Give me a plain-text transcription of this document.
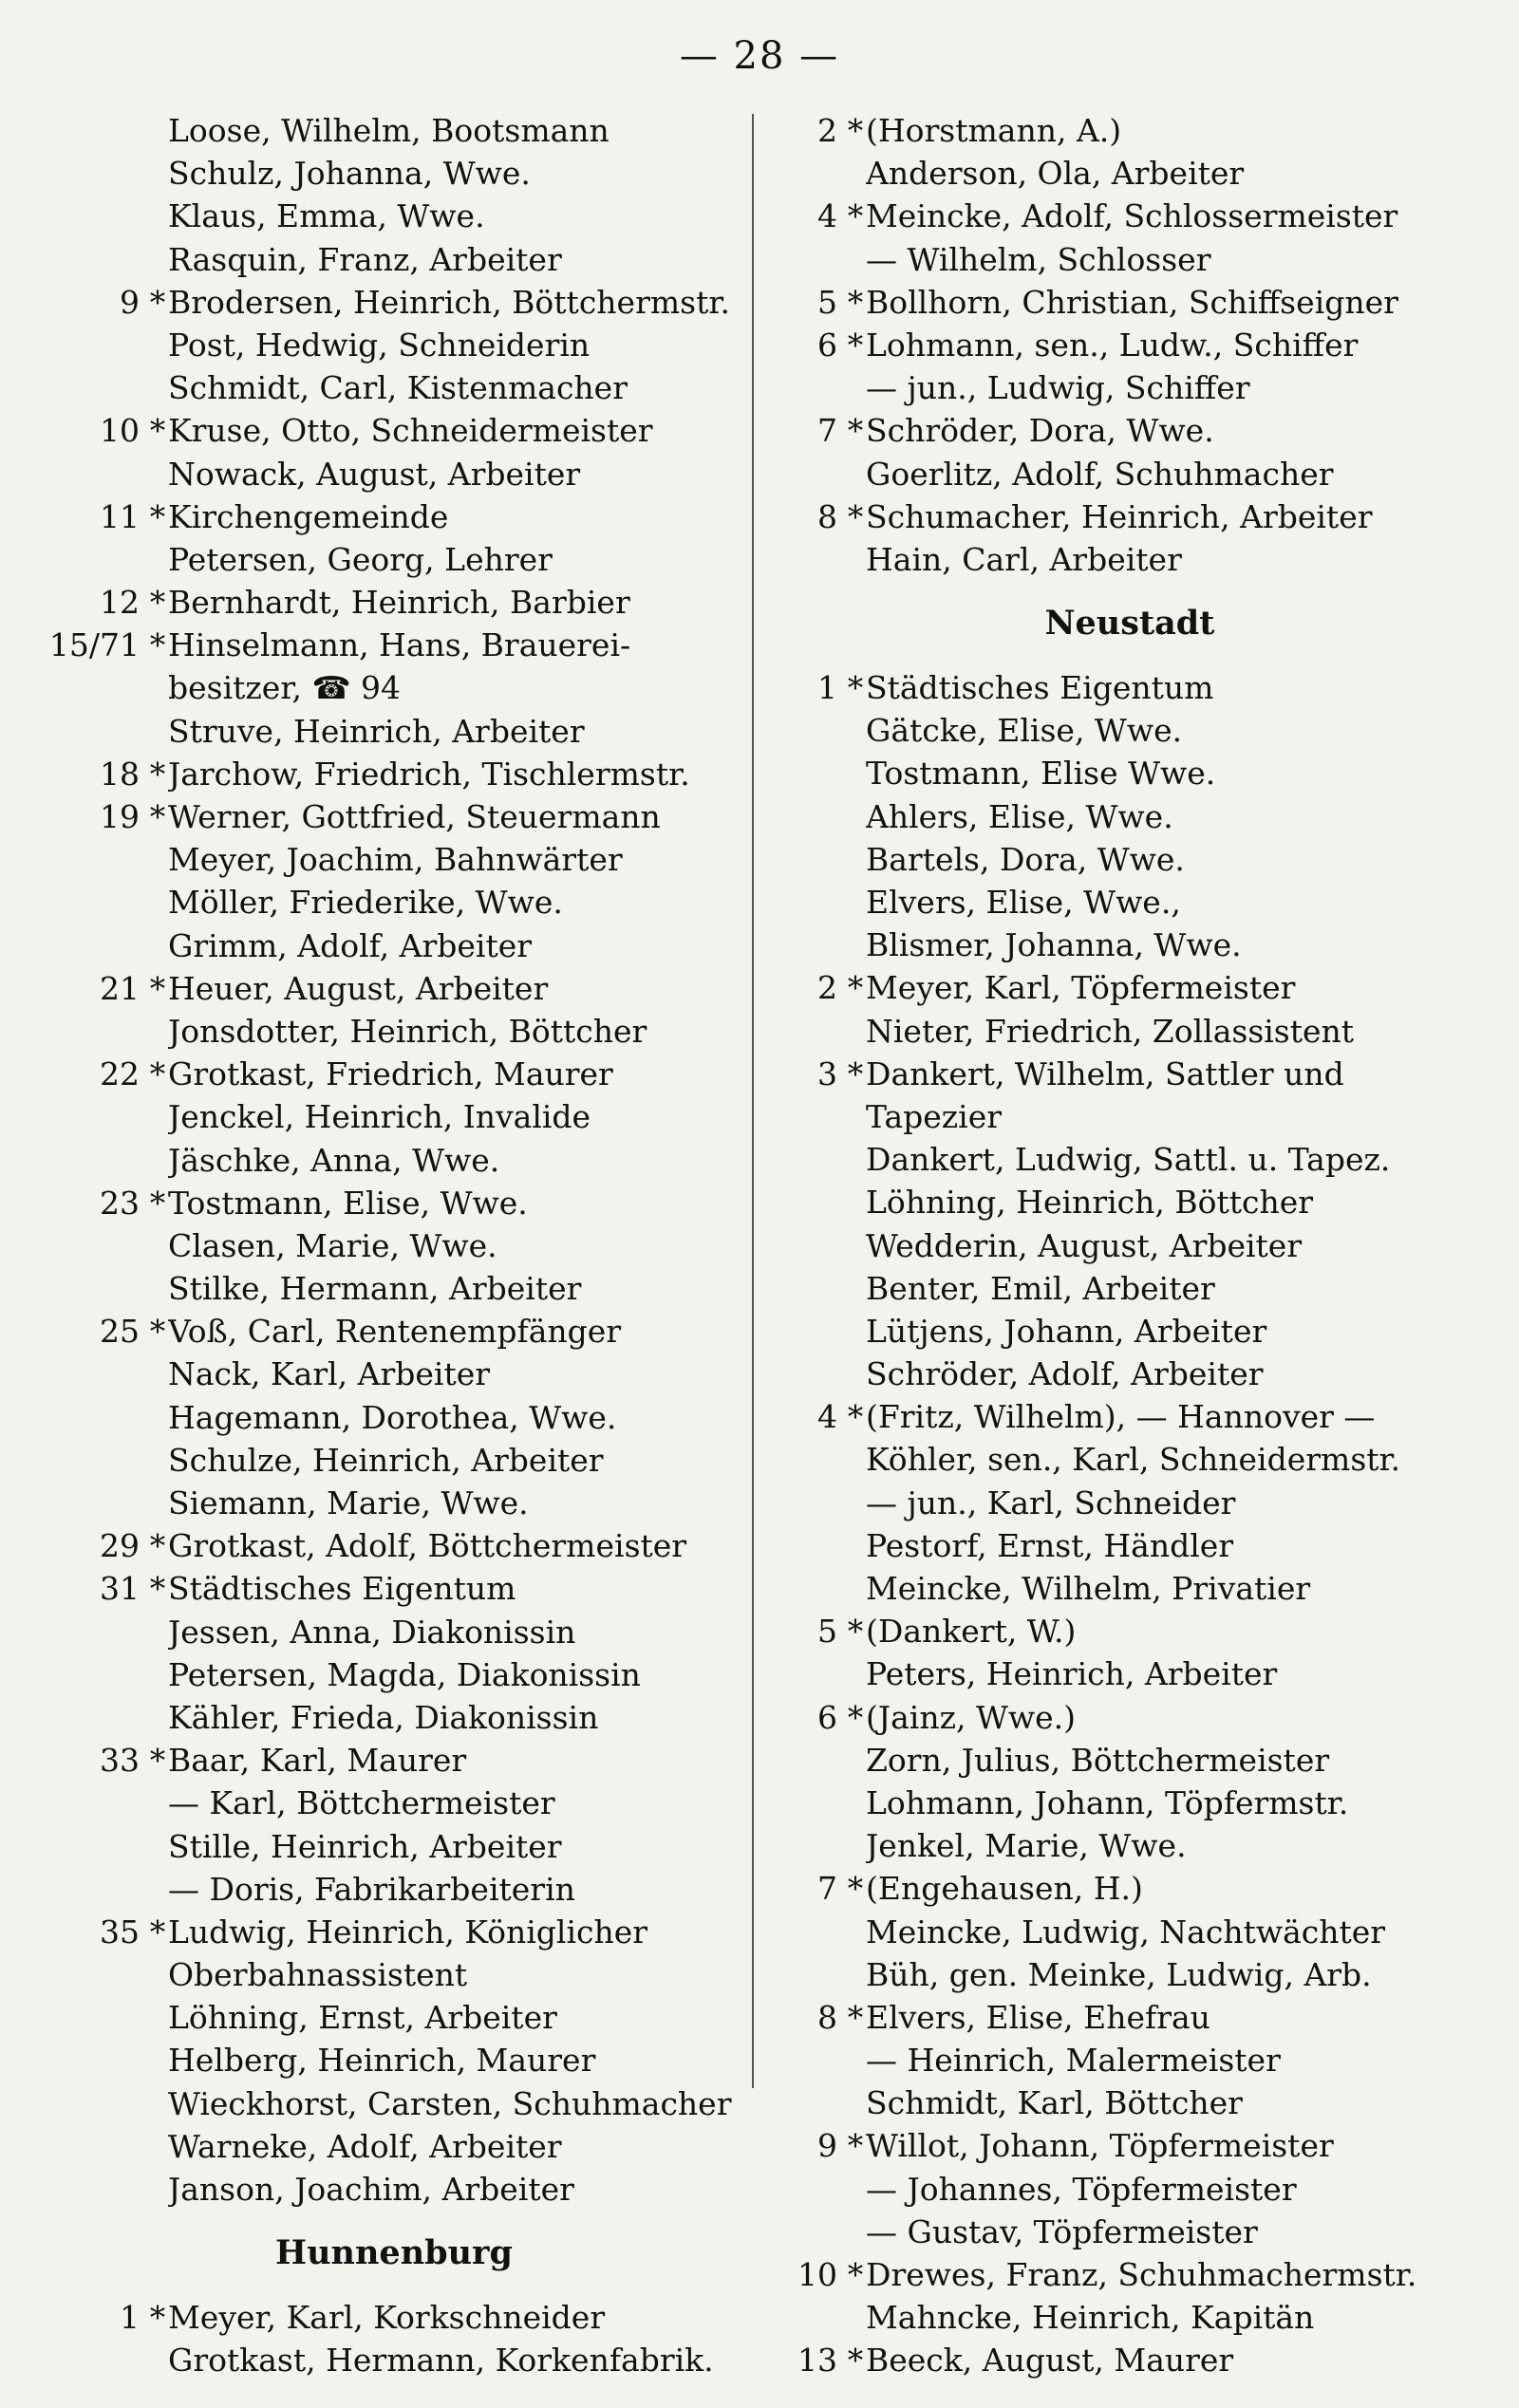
— 28 —
Loose, Wilhelm, Bootsmann
Schulz, Johanna, Wwe.
Klaus, Emma, Wwe.
Rasquin, Franz, Arbeiter
9 * Brodersen, Heinrich, Böttchermstr.
Post, Hedwig, Schneiderin
Schmidt, Carl, Kistenmacher
10 * Kruse, Otto, Schneidermeister
Nowack, August, Arbeiter
11 * Kirchengemeinde
Petersen, Georg, Lehrer
12 * Bernhardt, Heinrich, Barbier
15/71 * Hinselmann, Hans, Brauerei-
besitzer, ☎ 94
Struve, Heinrich, Arbeiter
18 * Jarchow, Friedrich, Tischlermstr.
19 * Werner, Gottfried, Steuermann
Meyer, Joachim, Bahnwärter
Möller, Friederike, Wwe.
Grimm, Adolf, Arbeiter
21 * Heuer, August, Arbeiter
Jonsdotter, Heinrich, Böttcher
22 * Grotkast, Friedrich, Maurer
Jenckel, Heinrich, Invalide
Jäschke, Anna, Wwe.
23 * Tostmann, Elise, Wwe.
Clasen, Marie, Wwe.
Stilke, Hermann, Arbeiter
25 * Voß, Carl, Rentenempfänger
Nack, Karl, Arbeiter
Hagemann, Dorothea, Wwe.
Schulze, Heinrich, Arbeiter
Siemann, Marie, Wwe.
29 * Grotkast, Adolf, Böttchermeister
31 * Städtisches Eigentum
Jessen, Anna, Diakonissin
Petersen, Magda, Diakonissin
Kähler, Frieda, Diakonissin
33 * Baar, Karl, Maurer
— Karl, Böttchermeister
Stille, Heinrich, Arbeiter
— Doris, Fabrikarbeiterin
35 * Ludwig, Heinrich, Königlicher
Oberbahnassistent
Löhning, Ernst, Arbeiter
Helberg, Heinrich, Maurer
Wieckhorst, Carsten, Schuhmacher
Warneke, Adolf, Arbeiter
Janson, Joachim, Arbeiter
Hunnenburg
1 * Meyer, Karl, Korkschneider
Grotkast, Hermann, Korkenfabrik.
2 * (Horstmann, A.)
Anderson, Ola, Arbeiter
4 * Meincke, Adolf, Schlossermeister
— Wilhelm, Schlosser
5 * Bollhorn, Christian, Schiffseigner
6 * Lohmann, sen., Ludw., Schiffer
— jun., Ludwig, Schiffer
7 * Schröder, Dora, Wwe.
Goerlitz, Adolf, Schuhmacher
8 * Schumacher, Heinrich, Arbeiter
Hain, Carl, Arbeiter
Neustadt
1 * Städtisches Eigentum
Gätcke, Elise, Wwe.
Tostmann, Elise Wwe.
Ahlers, Elise, Wwe.
Bartels, Dora, Wwe.
Elvers, Elise, Wwe.,
Blismer, Johanna, Wwe.
2 * Meyer, Karl, Töpfermeister
Nieter, Friedrich, Zollassistent
3 * Dankert, Wilhelm, Sattler und
Tapezier
Dankert, Ludwig, Sattl. u. Tapez.
Löhning, Heinrich, Böttcher
Wedderin, August, Arbeiter
Benter, Emil, Arbeiter
Lütjens, Johann, Arbeiter
Schröder, Adolf, Arbeiter
4 * (Fritz, Wilhelm), — Hannover —
Köhler, sen., Karl, Schneidermstr.
— jun., Karl, Schneider
Pestorf, Ernst, Händler
Meincke, Wilhelm, Privatier
5 * (Dankert, W.)
Peters, Heinrich, Arbeiter
6 * (Jainz, Wwe.)
Zorn, Julius, Böttchermeister
Lohmann, Johann, Töpfermstr.
Jenkel, Marie, Wwe.
7 * (Engehausen, H.)
Meincke, Ludwig, Nachtwächter
Büh, gen. Meinke, Ludwig, Arb.
8 * Elvers, Elise, Ehefrau
— Heinrich, Malermeister
Schmidt, Karl, Böttcher
9 * Willot, Johann, Töpfermeister
— Johannes, Töpfermeister
— Gustav, Töpfermeister
10 * Drewes, Franz, Schuhmachermstr.
Mahncke, Heinrich, Kapitän
13 * Beeck, August, Maurer
